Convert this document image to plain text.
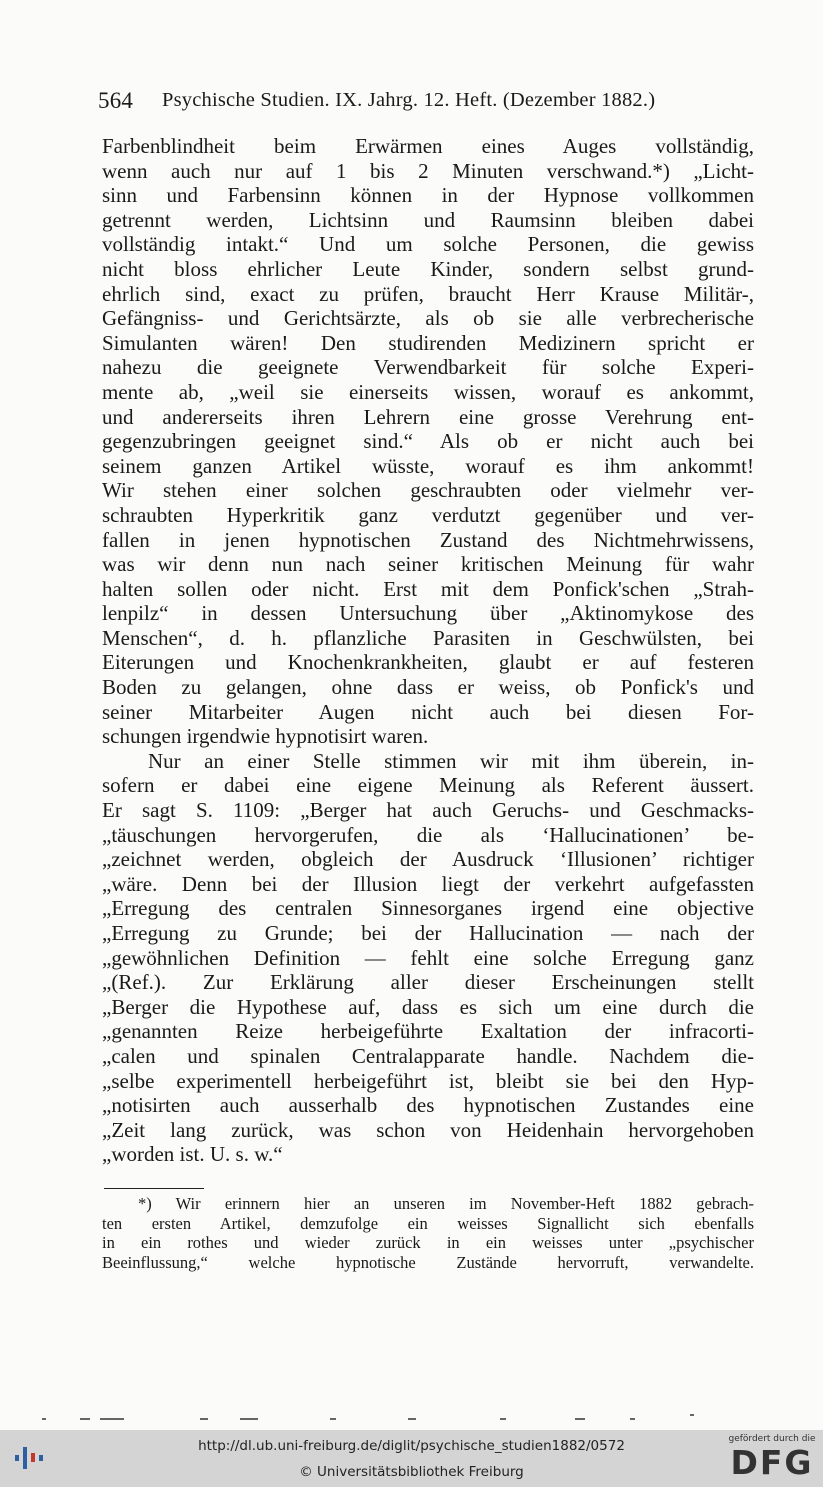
564 Psychische Studien. IX. Jahrg. 12. Heft. (Dezember 1882.)
Farbenblindheit beim Erwärmen eines Auges vollständig,
wenn auch nur auf 1 bis 2 Minuten verschwand.*) „Licht-
sinn und Farbensinn können in der Hypnose vollkommen
getrennt werden, Lichtsinn und Raumsinn bleiben dabei
vollständig intakt.“ Und um solche Personen, die gewiss
nicht bloss ehrlicher Leute Kinder, sondern selbst grund-
ehrlich sind, exact zu prüfen, braucht Herr Krause Militär-,
Gefängniss- und Gerichtsärzte, als ob sie alle verbrecherische
Simulanten wären! Den studirenden Medizinern spricht er
nahezu die geeignete Verwendbarkeit für solche Experi-
mente ab, „weil sie einerseits wissen, worauf es ankommt,
und andererseits ihren Lehrern eine grosse Verehrung ent-
gegenzubringen geeignet sind.“ Als ob er nicht auch bei
seinem ganzen Artikel wüsste, worauf es ihm ankommt!
Wir stehen einer solchen geschraubten oder vielmehr ver-
schraubten Hyperkritik ganz verdutzt gegenüber und ver-
fallen in jenen hypnotischen Zustand des Nichtmehrwissens,
was wir denn nun nach seiner kritischen Meinung für wahr
halten sollen oder nicht. Erst mit dem Ponfick'schen „Strah-
lenpilz“ in dessen Untersuchung über „Aktinomykose des
Menschen“, d. h. pflanzliche Parasiten in Geschwülsten, bei
Eiterungen und Knochenkrankheiten, glaubt er auf festeren
Boden zu gelangen, ohne dass er weiss, ob Ponfick's und
seiner Mitarbeiter Augen nicht auch bei diesen For-
schungen irgendwie hypnotisirt waren.
Nur an einer Stelle stimmen wir mit ihm überein, in-
sofern er dabei eine eigene Meinung als Referent äussert.
Er sagt S. 1109: „Berger hat auch Geruchs- und Geschmacks-
„täuschungen hervorgerufen, die als ‘Hallucinationen’ be-
„zeichnet werden, obgleich der Ausdruck ‘Illusionen’ richtiger
„wäre. Denn bei der Illusion liegt der verkehrt aufgefassten
„Erregung des centralen Sinnesorganes irgend eine objective
„Erregung zu Grunde; bei der Hallucination — nach der
„gewöhnlichen Definition — fehlt eine solche Erregung ganz
„(Ref.). Zur Erklärung aller dieser Erscheinungen stellt
„Berger die Hypothese auf, dass es sich um eine durch die
„genannten Reize herbeigeführte Exaltation der infracorti-
„calen und spinalen Centralapparate handle. Nachdem die-
„selbe experimentell herbeigeführt ist, bleibt sie bei den Hyp-
„notisirten auch ausserhalb des hypnotischen Zustandes eine
„Zeit lang zurück, was schon von Heidenhain hervorgehoben
„worden ist. U. s. w.“
*) Wir erinnern hier an unseren im November-Heft 1882 gebrach-
ten ersten Artikel, demzufolge ein weisses Signallicht sich ebenfalls
in ein rothes und wieder zurück in ein weisses unter „psychischer
Beeinflussung,“ welche hypnotische Zustände hervorruft, verwandelte.
http://dl.ub.uni-freiburg.de/diglit/psychische_studien1882/0572
© Universitätsbibliothek Freiburg
gefördert durch die
DFG
